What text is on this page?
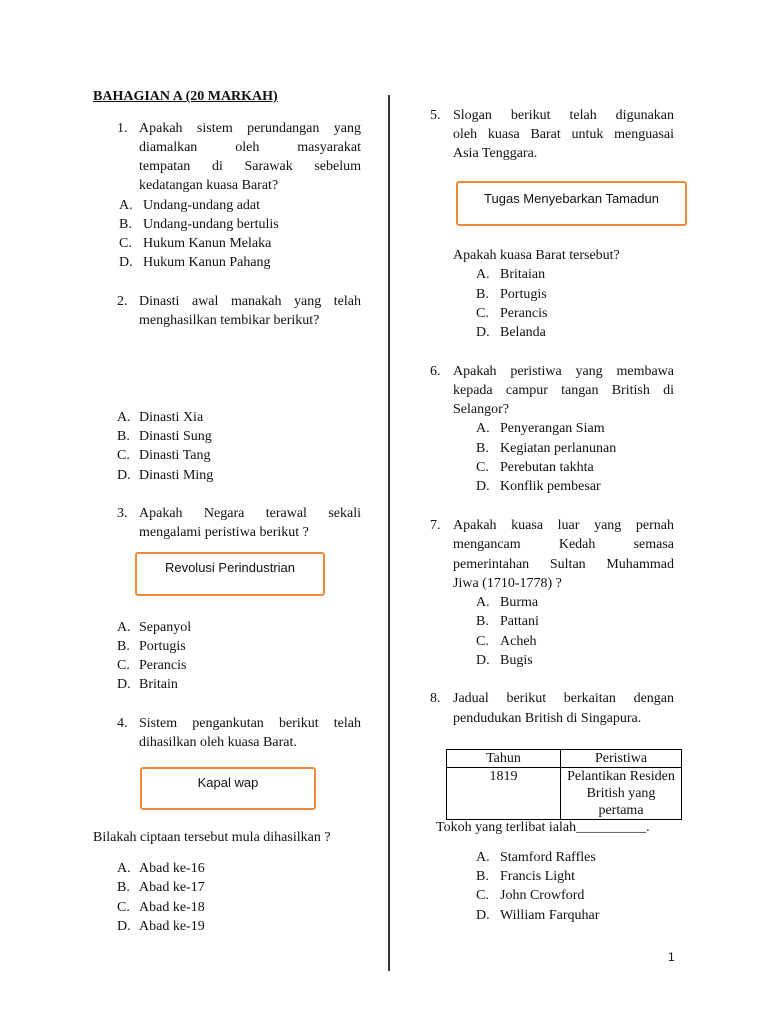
BAHAGIAN A (20 MARKAH)
1. Apakah sistem perundangan yang
diamalkan oleh masyarakat
tempatan di Sarawak sebelum
kedatangan kuasa Barat?
A. Undang-undang adat
B. Undang-undang bertulis
C. Hukum Kanun Melaka
D. Hukum Kanun Pahang
2. Dinasti awal manakah yang telah
menghasilkan tembikar berikut?
A. Dinasti Xia
B. Dinasti Sung
C. Dinasti Tang
D. Dinasti Ming
3. Apakah Negara terawal sekali
mengalami peristiwa berikut ?
Revolusi Perindustrian
A. Sepanyol
B. Portugis
C. Perancis
D. Britain
4. Sistem pengankutan berikut telah
dihasilkan oleh kuasa Barat.
Kapal wap
Bilakah ciptaan tersebut mula dihasilkan ?
A. Abad ke-16
B. Abad ke-17
C. Abad ke-18
D. Abad ke-19
5. Slogan berikut telah digunakan
oleh kuasa Barat untuk menguasai
Asia Tenggara.
Tugas Menyebarkan Tamadun
Apakah kuasa Barat tersebut?
A. Britaian
B. Portugis
C. Perancis
D. Belanda
6. Apakah peristiwa yang membawa
kepada campur tangan British di
Selangor?
A. Penyerangan Siam
B. Kegiatan perlanunan
C. Perebutan takhta
D. Konflik pembesar
7. Apakah kuasa luar yang pernah
mengancam Kedah semasa
pemerintahan Sultan Muhammad
Jiwa (1710-1778) ?
A. Burma
B. Pattani
C. Acheh
D. Bugis
8. Jadual berikut berkaitan dengan
pendudukan British di Singapura.
Tahun	Peristiwa
1819	Pelantikan Residen British yang pertama
Tokoh yang terlibat ialah__________.
A. Stamford Raffles
B. Francis Light
C. John Crowford
D. William Farquhar
1
